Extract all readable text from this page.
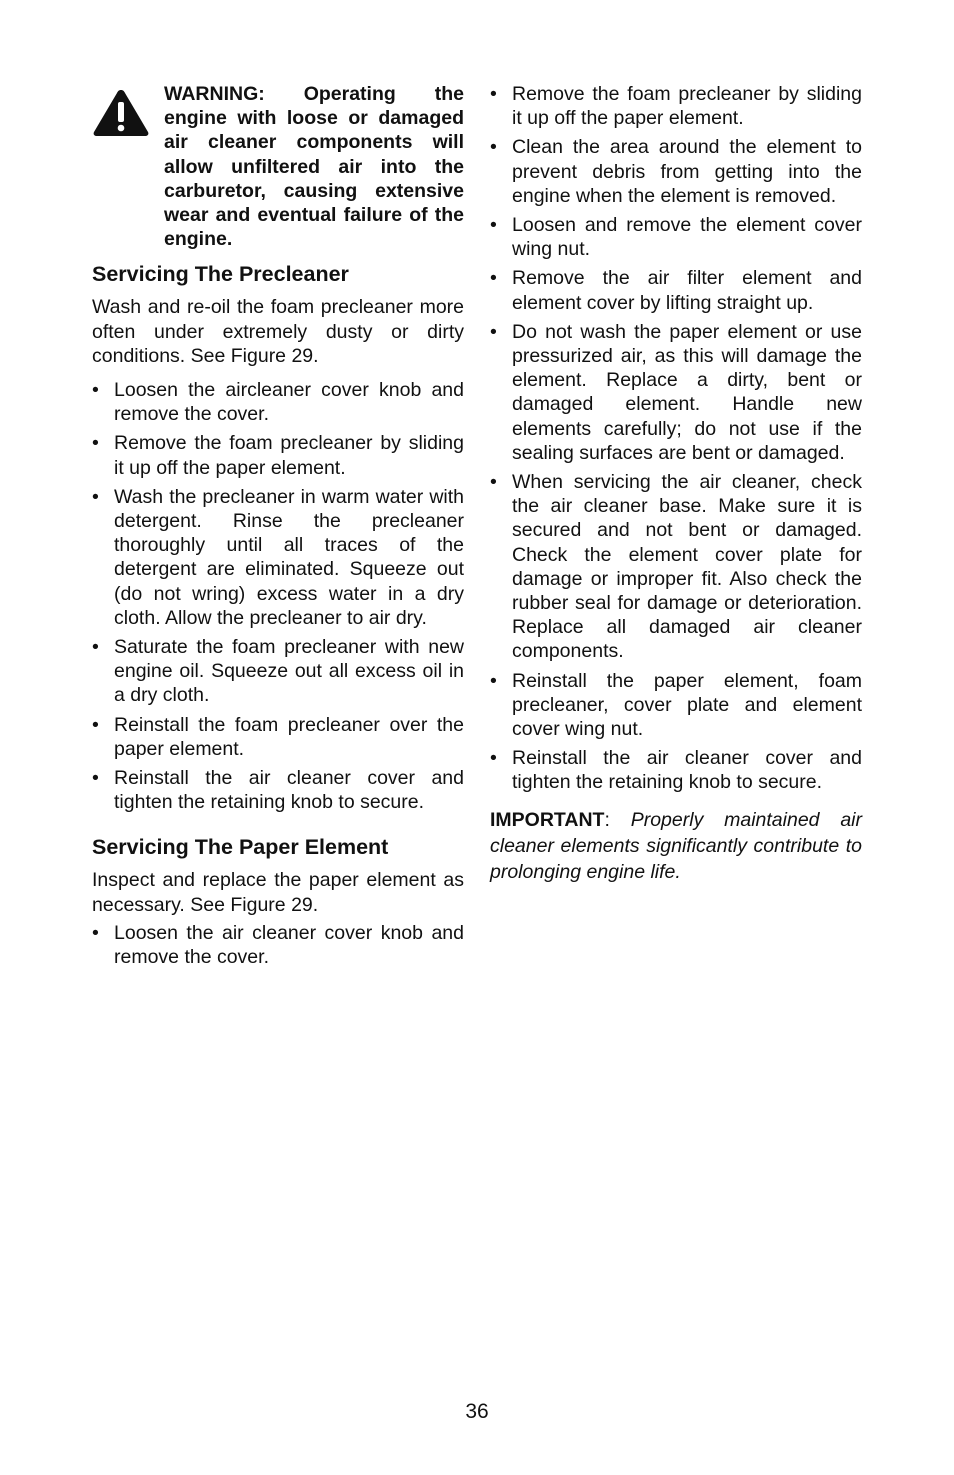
WARNING: Operating the engine with loose or damaged air cleaner components will allow unfiltered air into the carburetor, causing extensive wear and eventual failure of the engine.

Servicing The Precleaner

Wash and re-oil the foam precleaner more often under extremely dusty or dirty conditions. See Figure 29.

• Loosen the aircleaner cover knob and remove the cover.
• Remove the foam precleaner by sliding it up off the paper element.
• Wash the precleaner in warm water with detergent. Rinse the precleaner thoroughly until all traces of the detergent are eliminated. Squeeze out (do not wring) excess water in a dry cloth. Allow the precleaner to air dry.
• Saturate the foam precleaner with new engine oil. Squeeze out all excess oil in a dry cloth.
• Reinstall the foam precleaner over the paper element.
• Reinstall the air cleaner cover and tighten the retaining knob to secure.
Servicing The Paper Element

Inspect and replace the paper element as necessary. See Figure 29.

• Loosen the air cleaner cover knob and remove the cover.
• Remove the foam precleaner by sliding it up off the paper element.
• Clean the area around the element to prevent debris from getting into the engine when the element is removed.
• Loosen and remove the element cover wing nut.
• Remove the air filter element and element cover by lifting straight up.
• Do not wash the paper element or use pressurized air, as this will damage the element. Replace a dirty, bent or damaged element. Handle new elements carefully; do not use if the sealing surfaces are bent or damaged.
• When servicing the air cleaner, check the air cleaner base. Make sure it is secured and not bent or damaged. Check the element cover plate for damage or improper fit. Also check the rubber seal for damage or deterioration. Replace all damaged air cleaner components.
• Reinstall the paper element, foam precleaner, cover plate and element cover wing nut.
• Reinstall the air cleaner cover and tighten the retaining knob to secure.

IMPORTANT: Properly maintained air cleaner elements significantly contribute to prolonging engine life.

36
